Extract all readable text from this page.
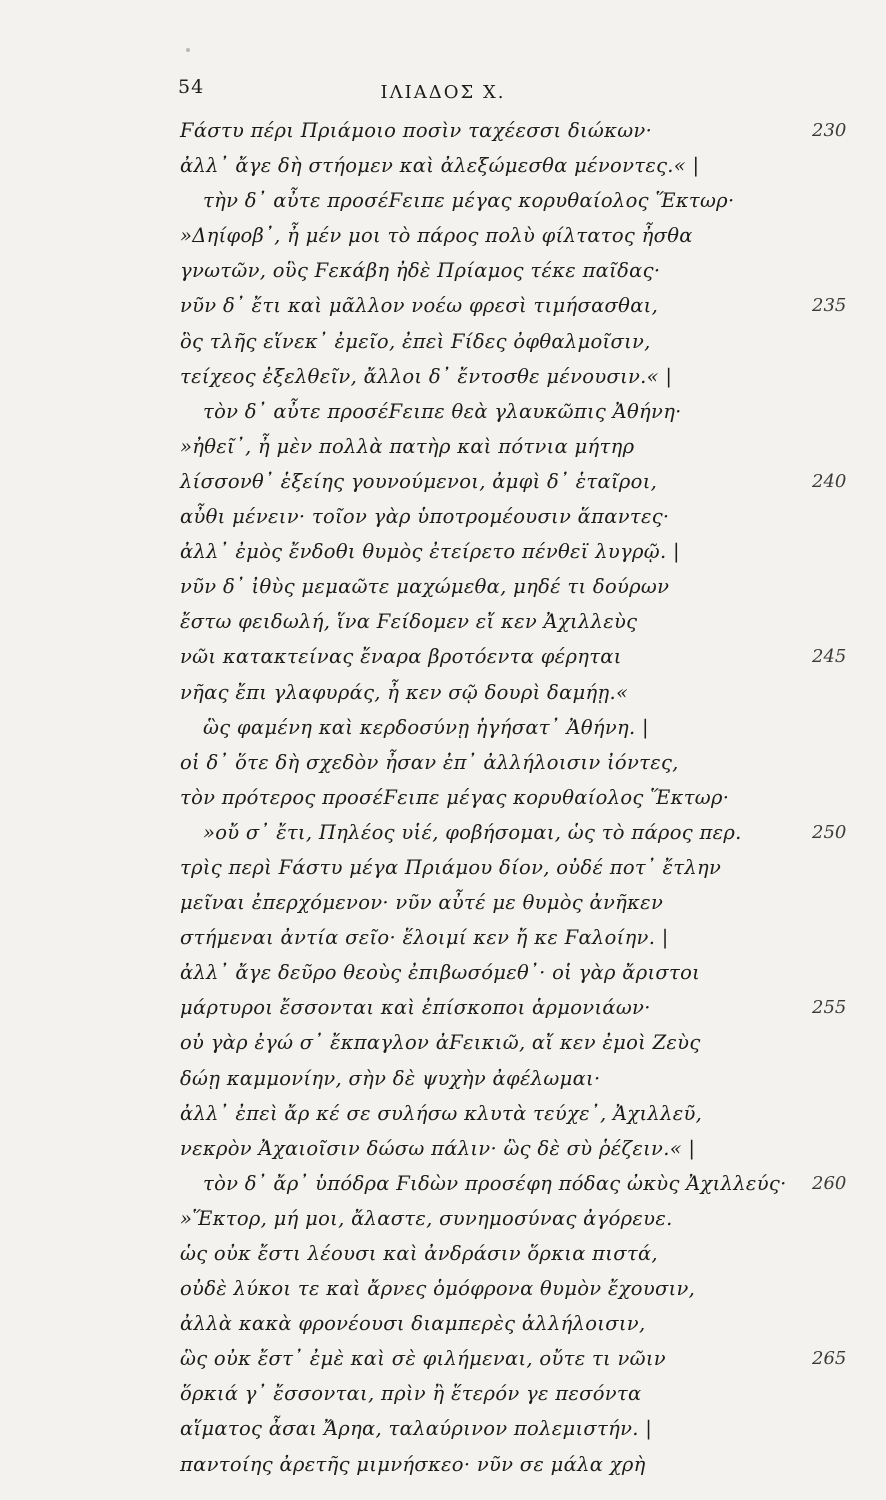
54	ΙΛΙΑΔΟΣ Χ.
Ϝάστυ πέρι Πριάμοιο ποσὶν ταχέεσσι διώκων·	230
ἀλλ᾽ ἄγε δὴ στήομεν καὶ ἀλεξώμεσθα μένοντες.« |
τὴν δ᾽ αὖτε προσέϜειπε μέγας κορυθαίολος Ἕκτωρ·
»Δηίφοβ᾽, ἦ μέν μοι τὸ πάρος πολὺ φίλτατος ἦσθα
γνωτῶν, οὓς Ϝεκάβη ἠδὲ Πρίαμος τέκε παῖδας·
νῦν δ᾽ ἔτι καὶ μᾶλλον νοέω φρεσὶ τιμήσασθαι,	235
ὃς τλῆς εἵνεκ᾽ ἐμεῖο, ἐπεὶ Ϝίδες ὀφθαλμοῖσιν,
τείχεος ἐξελθεῖν, ἄλλοι δ᾽ ἔντοσθε μένουσιν.« |
τὸν δ᾽ αὖτε προσέϜειπε θεὰ γλαυκῶπις Ἀθήνη·
»ἠθεῖ᾽, ἦ μὲν πολλὰ πατὴρ καὶ πότνια μήτηρ
λίσσονθ᾽ ἑξείης γουνούμενοι, ἀμφὶ δ᾽ ἑταῖροι,	240
αὖθι μένειν· τοῖον γὰρ ὑποτρομέουσιν ἅπαντες·
ἀλλ᾽ ἐμὸς ἔνδοθι θυμὸς ἐτείρετο πένθεϊ λυγρῷ. |
νῦν δ᾽ ἰθὺς μεμαῶτε μαχώμεθα, μηδέ τι δούρων
ἔστω φειδωλή, ἵνα Ϝείδομεν εἴ κεν Ἀχιλλεὺς
νῶι κατακτείνας ἔναρα βροτόεντα φέρηται	245
νῆας ἔπι γλαφυράς, ἦ κεν σῷ δουρὶ δαμήῃ.«
ὣς φαμένη καὶ κερδοσύνῃ ἡγήσατ᾽ Ἀθήνη. |
οἱ δ᾽ ὅτε δὴ σχεδὸν ἦσαν ἐπ᾽ ἀλλήλοισιν ἰόντες,
τὸν πρότερος προσέϜειπε μέγας κορυθαίολος Ἕκτωρ·
»οὔ σ᾽ ἔτι, Πηλέος υἱέ, φοβήσομαι, ὡς τὸ πάρος περ.	250
τρὶς περὶ Ϝάστυ μέγα Πριάμου δίον, οὐδέ ποτ᾽ ἔτλην
μεῖναι ἐπερχόμενον· νῦν αὖτέ με θυμὸς ἀνῆκεν
στήμεναι ἀντία σεῖο· ἕλοιμί κεν ἤ κε Ϝαλοίην. |
ἀλλ᾽ ἄγε δεῦρο θεοὺς ἐπιβωσόμεθ᾽· οἱ γὰρ ἄριστοι
μάρτυροι ἔσσονται καὶ ἐπίσκοποι ἁρμονιάων·	255
οὐ γὰρ ἐγώ σ᾽ ἔκπαγλον ἀϜεικιῶ, αἴ κεν ἐμοὶ Ζεὺς
δώῃ καμμονίην, σὴν δὲ ψυχὴν ἀφέλωμαι·
ἀλλ᾽ ἐπεὶ ἄρ κέ σε συλήσω κλυτὰ τεύχε᾽, Ἀχιλλεῦ,
νεκρὸν Ἀχαιοῖσιν δώσω πάλιν· ὣς δὲ σὺ ῥέζειν.« |
τὸν δ᾽ ἄρ᾽ ὑπόδρα Ϝιδὼν προσέφη πόδας ὠκὺς Ἀχιλλεύς· 260
»Ἕκτορ, μή μοι, ἄλαστε, συνημοσύνας ἀγόρευε.
ὡς οὐκ ἔστι λέουσι καὶ ἀνδράσιν ὅρκια πιστά,
οὐδὲ λύκοι τε καὶ ἄρνες ὁμόφρονα θυμὸν ἔχουσιν,
ἀλλὰ κακὰ φρονέουσι διαμπερὲς ἀλλήλοισιν,
ὣς οὐκ ἔστ᾽ ἐμὲ καὶ σὲ φιλήμεναι, οὔτε τι νῶιν	265
ὅρκιά γ᾽ ἔσσονται, πρὶν ἢ ἕτερόν γε πεσόντα
αἵματος ἆσαι Ἄρηα, ταλαύρινον πολεμιστήν. |
παντοίης ἀρετῆς μιμνήσκεο· νῦν σε μάλα χρὴ
